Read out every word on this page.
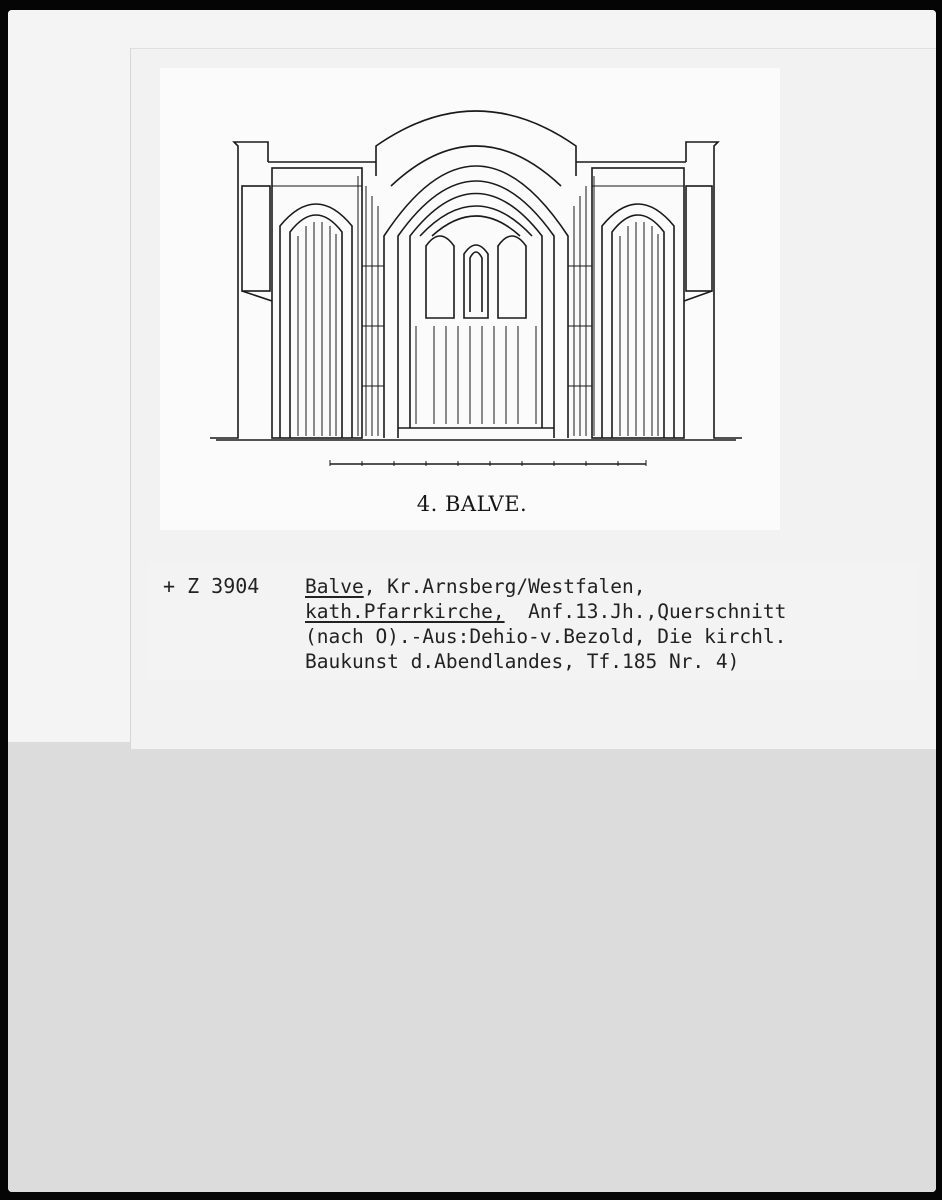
4. BALVE.
+ Z 3904 Balve, Kr.Arnsberg/Westfalen,
kath.Pfarrkirche,  Anf.13.Jh.,Querschnitt
(nach O).-Aus:Dehio-v.Bezold, Die kirchl.
Baukunst d.Abendlandes, Tf.185 Nr. 4)
